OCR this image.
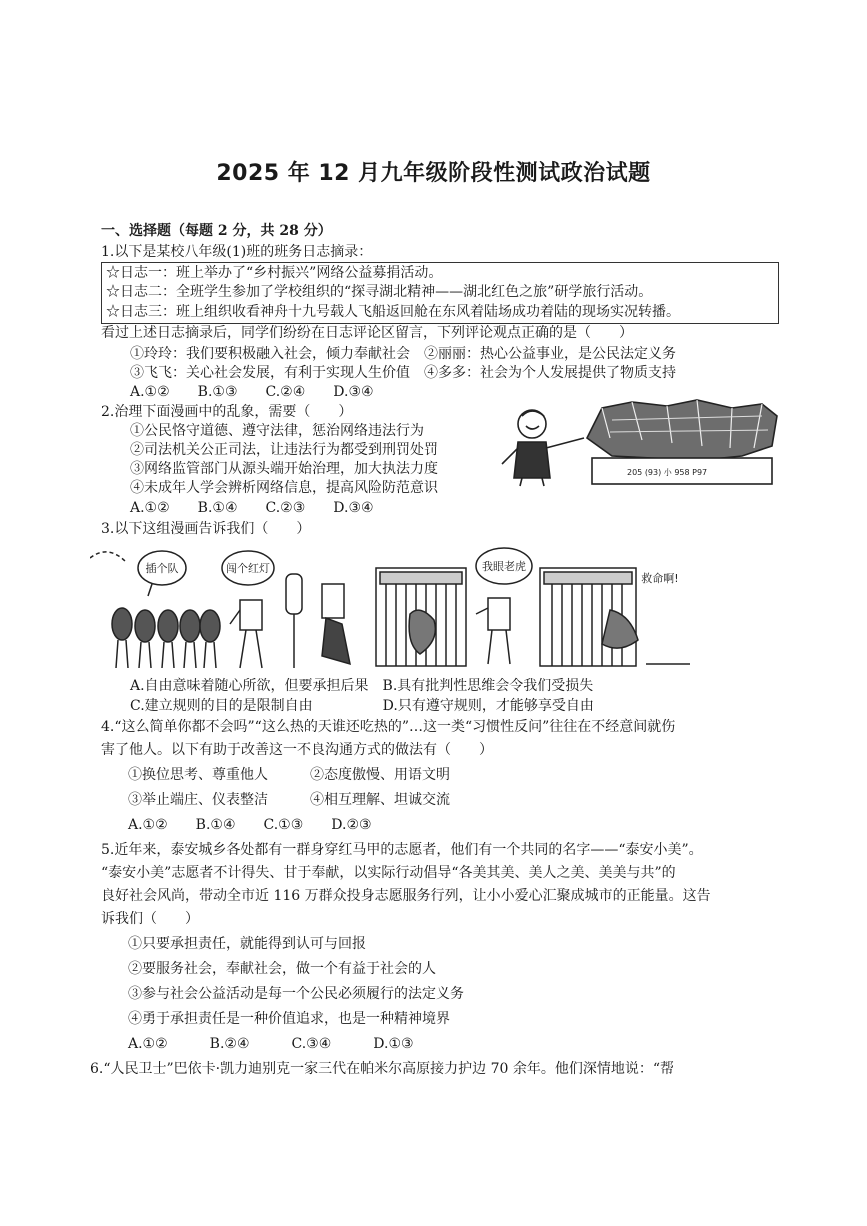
2025 年 12 月九年级阶段性测试政治试题
一、选择题（每题 2 分，共 28 分）
1.以下是某校八年级(1)班的班务日志摘录：
☆日志一：班上举办了“乡村振兴”网络公益募捐活动。
☆日志二：全班学生参加了学校组织的“探寻湖北精神——湖北红色之旅”研学旅行活动。
☆日志三：班上组织收看神舟十九号载人飞船返回舱在东风着陆场成功着陆的现场实况转播。
看过上述日志摘录后，同学们纷纷在日志评论区留言，下列评论观点正确的是（　　）
①玲玲：我们要积极融入社会，倾力奉献社会　②丽丽：热心公益事业，是公民法定义务
③飞飞：关心社会发展，有利于实现人生价值　④多多：社会为个人发展提供了物质支持
A.①②　　B.①③　　C.②④　　D.③④
2.治理下面漫画中的乱象，需要（　　）
①公民恪守道德、遵守法律，惩治网络违法行为
②司法机关公正司法，让违法行为都受到刑罚处罚
③网络监管部门从源头端开始治理，加大执法力度
④未成年人学会辨析网络信息，提高风险防范意识
A.①②　　B.①④　　C.②③　　D.③④
205 (93) 小 958 P97
3.以下这组漫画告诉我们（　　）
插个队	闯个红灯	我眼老虎
救命啊!
A.自由意味着随心所欲，但要承担后果　B.具有批判性思维会令我们受损失
C.建立规则的目的是限制自由　　　　　D.只有遵守规则，才能够享受自由
4.“这么简单你都不会吗”“这么热的天谁还吃热的”…这一类“习惯性反问”往往在不经意间就伤
害了他人。以下有助于改善这一不良沟通方式的做法有（　　）
①换位思考、尊重他人　　　②态度傲慢、用语文明
③举止端庄、仪表整洁　　　④相互理解、坦诚交流
A.①②　　B.①④　　C.①③　　D.②③
5.近年来，泰安城乡各处都有一群身穿红马甲的志愿者，他们有一个共同的名字——“泰安小美”。
“泰安小美”志愿者不计得失、甘于奉献，以实际行动倡导“各美其美、美人之美、美美与共”的
良好社会风尚，带动全市近 116 万群众投身志愿服务行列，让小小爱心汇聚成城市的正能量。这告
诉我们（　　）
①只要承担责任，就能得到认可与回报
②要服务社会，奉献社会，做一个有益于社会的人
③参与社会公益活动是每一个公民必须履行的法定义务
④勇于承担责任是一种价值追求，也是一种精神境界
A.①②　　　B.②④　　　C.③④　　　D.①③
6.“人民卫士”巴依卡·凯力迪别克一家三代在帕米尔高原接力护边 70 余年。他们深情地说：“帮
